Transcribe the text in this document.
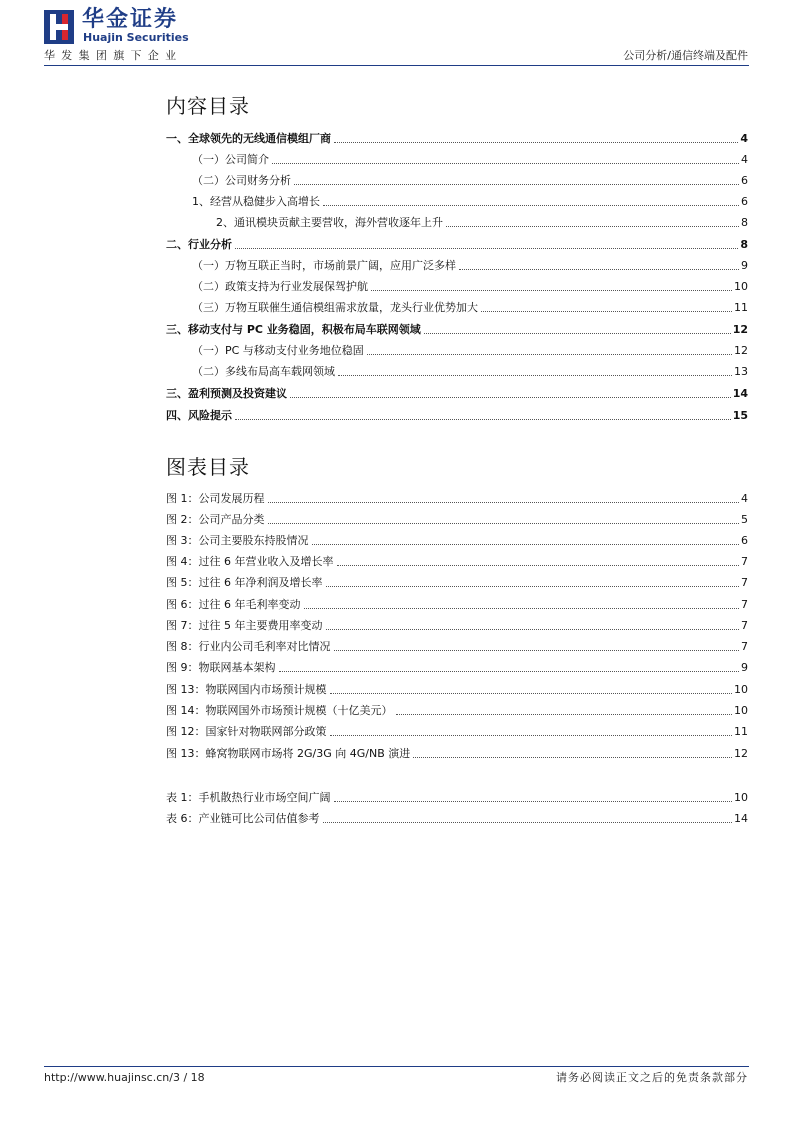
华金证券
Huajin Securities
华发集团旗下企业	公司分析/通信终端及配件
内容目录
一、全球领先的无线通信模组厂商	4
（一）公司简介	4
（二）公司财务分析	6
1、经营从稳健步入高增长	6
2、通讯模块贡献主要营收，海外营收逐年上升	8
二、行业分析	8
（一）万物互联正当时，市场前景广阔，应用广泛多样	9
（二）政策支持为行业发展保驾护航	10
（三）万物互联催生通信模组需求放量，龙头行业优势加大	11
三、移动支付与 PC 业务稳固，积极布局车联网领域	12
（一）PC 与移动支付业务地位稳固	12
（二）多线布局高车载网领域	13
三、盈利预测及投资建议	14
四、风险提示	15
图表目录
图 1：公司发展历程	4
图 2：公司产品分类	5
图 3：公司主要股东持股情况	6
图 4：过往 6 年营业收入及增长率	7
图 5：过往 6 年净利润及增长率	7
图 6：过往 6 年毛利率变动	7
图 7：过往 5 年主要费用率变动	7
图 8：行业内公司毛利率对比情况	7
图 9：物联网基本架构	9
图 13：物联网国内市场预计规模	10
图 14：物联网国外市场预计规模（十亿美元）	10
图 12：国家针对物联网部分政策	11
图 13：蜂窝物联网市场将 2G/3G 向 4G/NB 演进	12
表 1：手机散热行业市场空间广阔	10
表 6：产业链可比公司估值参考	14
http://www.huajinsc.cn/3 / 18	请务必阅读正文之后的免责条款部分
